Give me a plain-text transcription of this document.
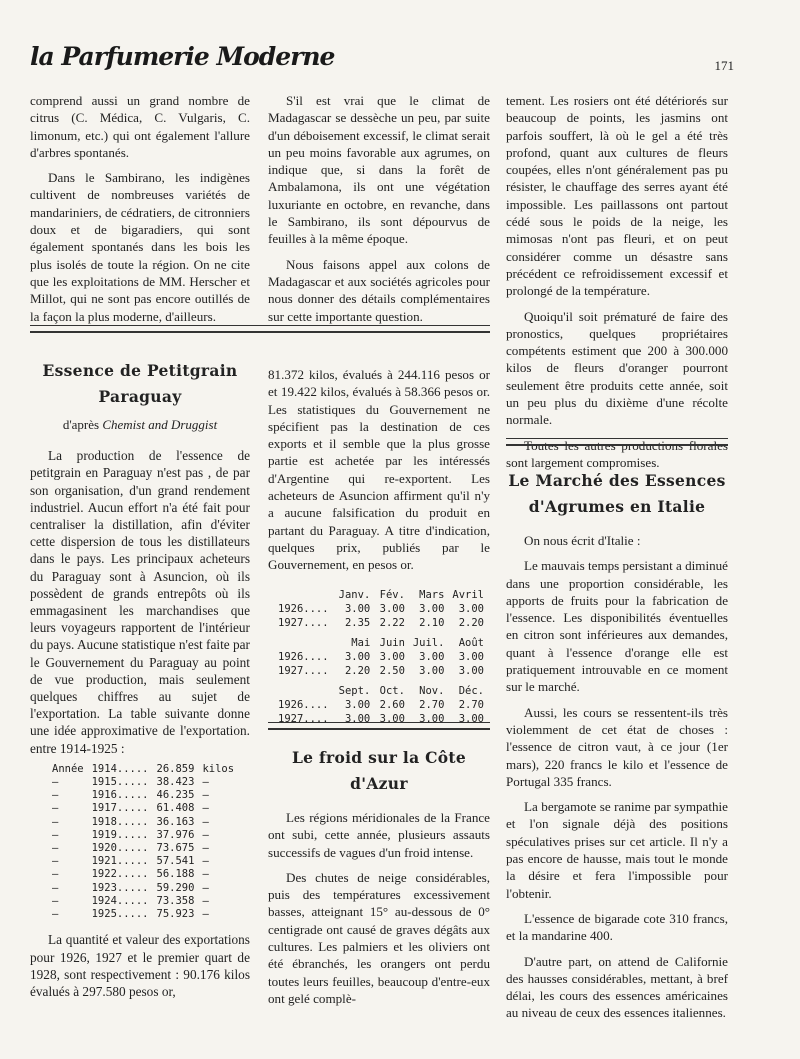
la Parfumerie Moderne	171

comprend aussi un grand nombre de citrus (C. Médica, C. Vulgaris, C. limonum, etc.) qui ont également l'allure d'arbres spontanés.

Dans le Sambirano, les indigènes cultivent de nombreuses variétés de mandariniers, de cédratiers, de citronniers doux et de bigaradiers, qui sont également spontanés dans les bois les plus isolés de toute la région. On ne cite que les exploitations de MM. Herscher et Millot, qui ne sont pas encore outillés de la façon la plus moderne, d'ailleurs.

S'il est vrai que le climat de Madagascar se dessèche un peu, par suite d'un déboisement excessif, le climat serait un peu moins favorable aux agrumes, on indique que, si dans la forêt de Ambalamona, ils ont une végétation luxuriante en octobre, en revanche, dans le Sambirano, ils sont dépourvus de feuilles à la même époque.

Nous faisons appel aux colons de Madagascar et aux sociétés agricoles pour nous donner des détails complémentaires sur cette importante question.

tement. Les rosiers ont été détériorés sur beaucoup de points, les jasmins ont parfois souffert, là où le gel a été très profond, quant aux cultures de fleurs coupées, elles n'ont généralement pas pu résister, le chauffage des serres ayant été impossible. Les paillassons ont partout cédé sous le poids de la neige, les mimosas n'ont pas fleuri, et on peut considérer comme un désastre sans précédent ce refroidissement excessif et prolongé de la température.

Quoiqu'il soit prématuré de faire des pronostics, quelques propriétaires compétents estiment que 200 à 300.000 kilos de fleurs d'oranger pourront seulement être produits cette année, soit un peu plus du dixième d'une récolte normale.

Toutes les autres productions florales sont largement compromises.

Essence de Petitgrain
Paraguay
d'après Chemist and Druggist

La production de l'essence de petitgrain en Paraguay n'est pas , de par son organisation, d'un grand rendement industriel. Aucun effort n'a été fait pour centraliser la distillation, afin d'éviter cette dispersion de tous les distillateurs dans le pays. Les principaux acheteurs du Paraguay sont à Asuncion, où ils possèdent de grands entrepôts où ils emmagasinent les marchandises que leurs voyageurs rapportent de l'intérieur du pays. Aucune statistique n'est faite par le Gouvernement du Paraguay au point de vue production, mais seulement quelques chiffres au sujet de l'exportation. La table suivante donne une idée approximative de l'exportation. entre 1914-1925 :

Année	1914.....	26.859	kilos
—	1915.....	38.423	—
—	1916.....	46.235	—
—	1917.....	61.408	—
—	1918.....	36.163	—
—	1919.....	37.976	—
—	1920.....	73.675	—
—	1921.....	57.541	—
—	1922.....	56.188	—
—	1923.....	59.290	—
—	1924.....	73.358	—
—	1925.....	75.923	—

La quantité et valeur des exportations pour 1926, 1927 et le premier quart de 1928, sont respectivement : 90.176 kilos évalués à 297.580 pesos or,

81.372 kilos, évalués à 244.116 pesos or et 19.422 kilos, évalués à 58.366 pesos or. Les statistiques du Gouvernement ne spécifient pas la destination de ces exports et il semble que la plus grosse partie est achetée par les intéressés d'Argentine qui re-exportent. Les acheteurs de Asuncion affirment qu'il n'y a aucune falsification du produit en partant du Paraguay. A titre d'indication, quelques prix, publiés par le Gouvernement, en pesos or.

	Janv.	Fév.	Mars	Avril
1926....	3.00	3.00	3.00	3.00
1927....	2.35	2.22	2.10	2.20
	Mai	Juin	Juil.	Août
1926....	3.00	3.00	3.00	3.00
1927....	2.20	2.50	3.00	3.00
	Sept.	Oct.	Nov.	Déc.
1926....	3.00	2.60	2.70	2.70
1927....	3.00	3.00	3.00	3.00
Le froid sur la Côte
d'Azur

Les régions méridionales de la France ont subi, cette année, plusieurs assauts successifs de vagues d'un froid intense.

Des chutes de neige considérables, puis des températures excessivement basses, atteignant 15° au-dessous de 0° centigrade ont causé de graves dégâts aux cultures. Les palmiers et les oliviers ont été ébranchés, les orangers ont perdu toutes leurs feuilles, beaucoup d'entre-eux ont gelé complè-

Le Marché des Essences
d'Agrumes en Italie

On nous écrit d'Italie :

Le mauvais temps persistant a diminué dans une proportion considérable, les apports de fruits pour la fabrication de l'essence. Les disponibilités éventuelles en citron sont inférieures aux demandes, quant à l'essence d'orange elle est pratiquement introuvable en ce moment sur le marché.

Aussi, les cours se ressentent-ils très violemment de cet état de choses : l'essence de citron vaut, à ce jour (1er mars), 220 francs le kilo et l'essence de Portugal 335 francs.

La bergamote se ranime par sympathie et l'on signale déjà des positions spéculatives prises sur cet article. Il n'y a pas encore de hausse, mais tout le monde la désire et fera l'impossible pour l'obtenir.

L'essence de bigarade cote 310 francs, et la mandarine 400.

D'autre part, on attend de Californie des hausses considérables, mettant, à bref délai, les cours des essences américaines au niveau de ceux des essences italiennes.
